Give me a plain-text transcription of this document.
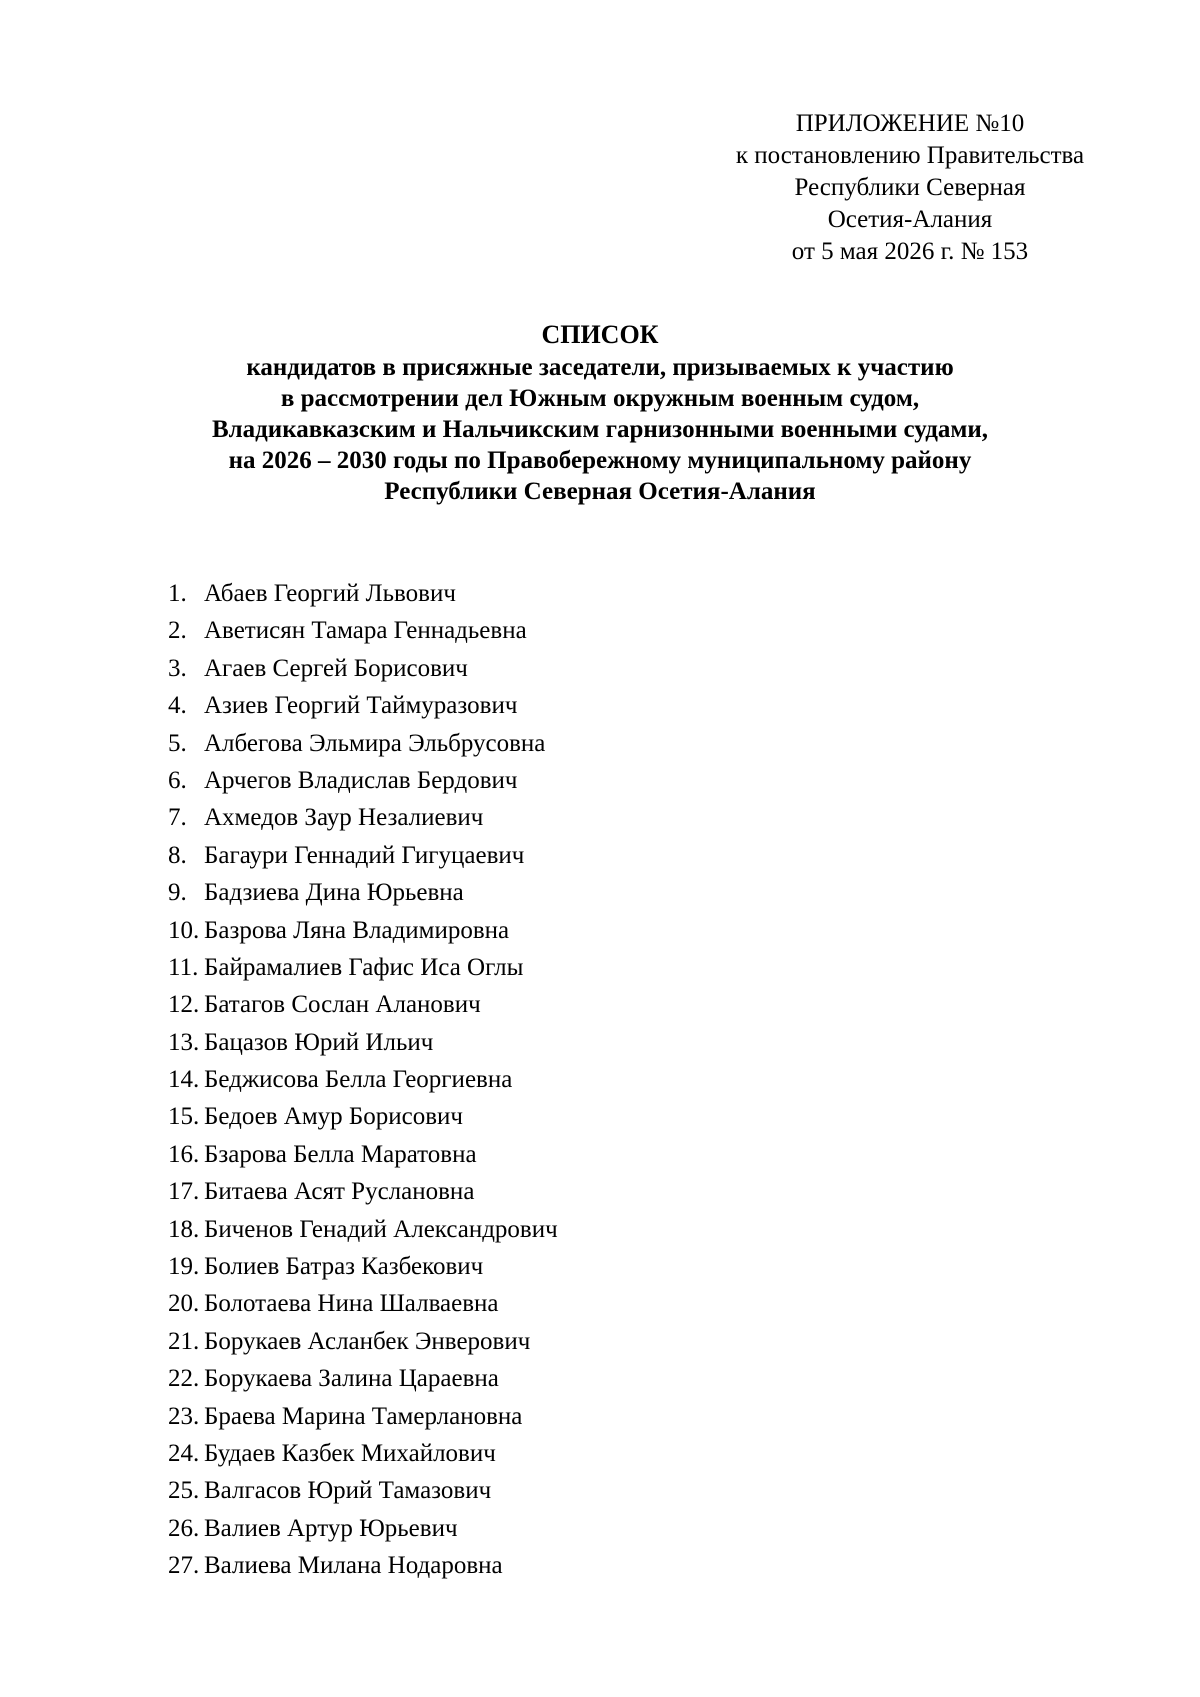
ПРИЛОЖЕНИЕ №10
к постановлению Правительства
Республики Северная
Осетия-Алания
от 5 мая 2026 г. № 153
СПИСОК
кандидатов в присяжные заседатели, призываемых к участию
в рассмотрении дел Южным окружным военным судом,
Владикавказским и Нальчикским гарнизонными военными судами,
на 2026 – 2030 годы по Правобережному муниципальному району
Республики Северная Осетия-Алания
1. Абаев Георгий Львович
2. Аветисян Тамара Геннадьевна
3. Агаев Сергей Борисович
4. Азиев Георгий Таймуразович
5. Албегова Эльмира Эльбрусовна
6. Арчегов Владислав Бердович
7. Ахмедов Заур Незалиевич
8. Багаури Геннадий Гигуцаевич
9. Бадзиева Дина Юрьевна
10. Базрова Ляна Владимировна
11. Байрамалиев Гафис Иса Оглы
12. Батагов Сослан Аланович
13. Бацазов Юрий Ильич
14. Беджисова Белла Георгиевна
15. Бедоев Амур Борисович
16. Бзарова Белла Маратовна
17. Битаева Асят Руслановна
18. Биченов Генадий Александрович
19. Болиев Батраз Казбекович
20. Болотаева Нина Шалваевна
21. Борукаев Асланбек Энверович
22. Борукаева Залина Цараевна
23. Браева Марина Тамерлановна
24. Будаев Казбек Михайлович
25. Валгасов Юрий Тамазович
26. Валиев Артур Юрьевич
27. Валиева Милана Нодаровна
